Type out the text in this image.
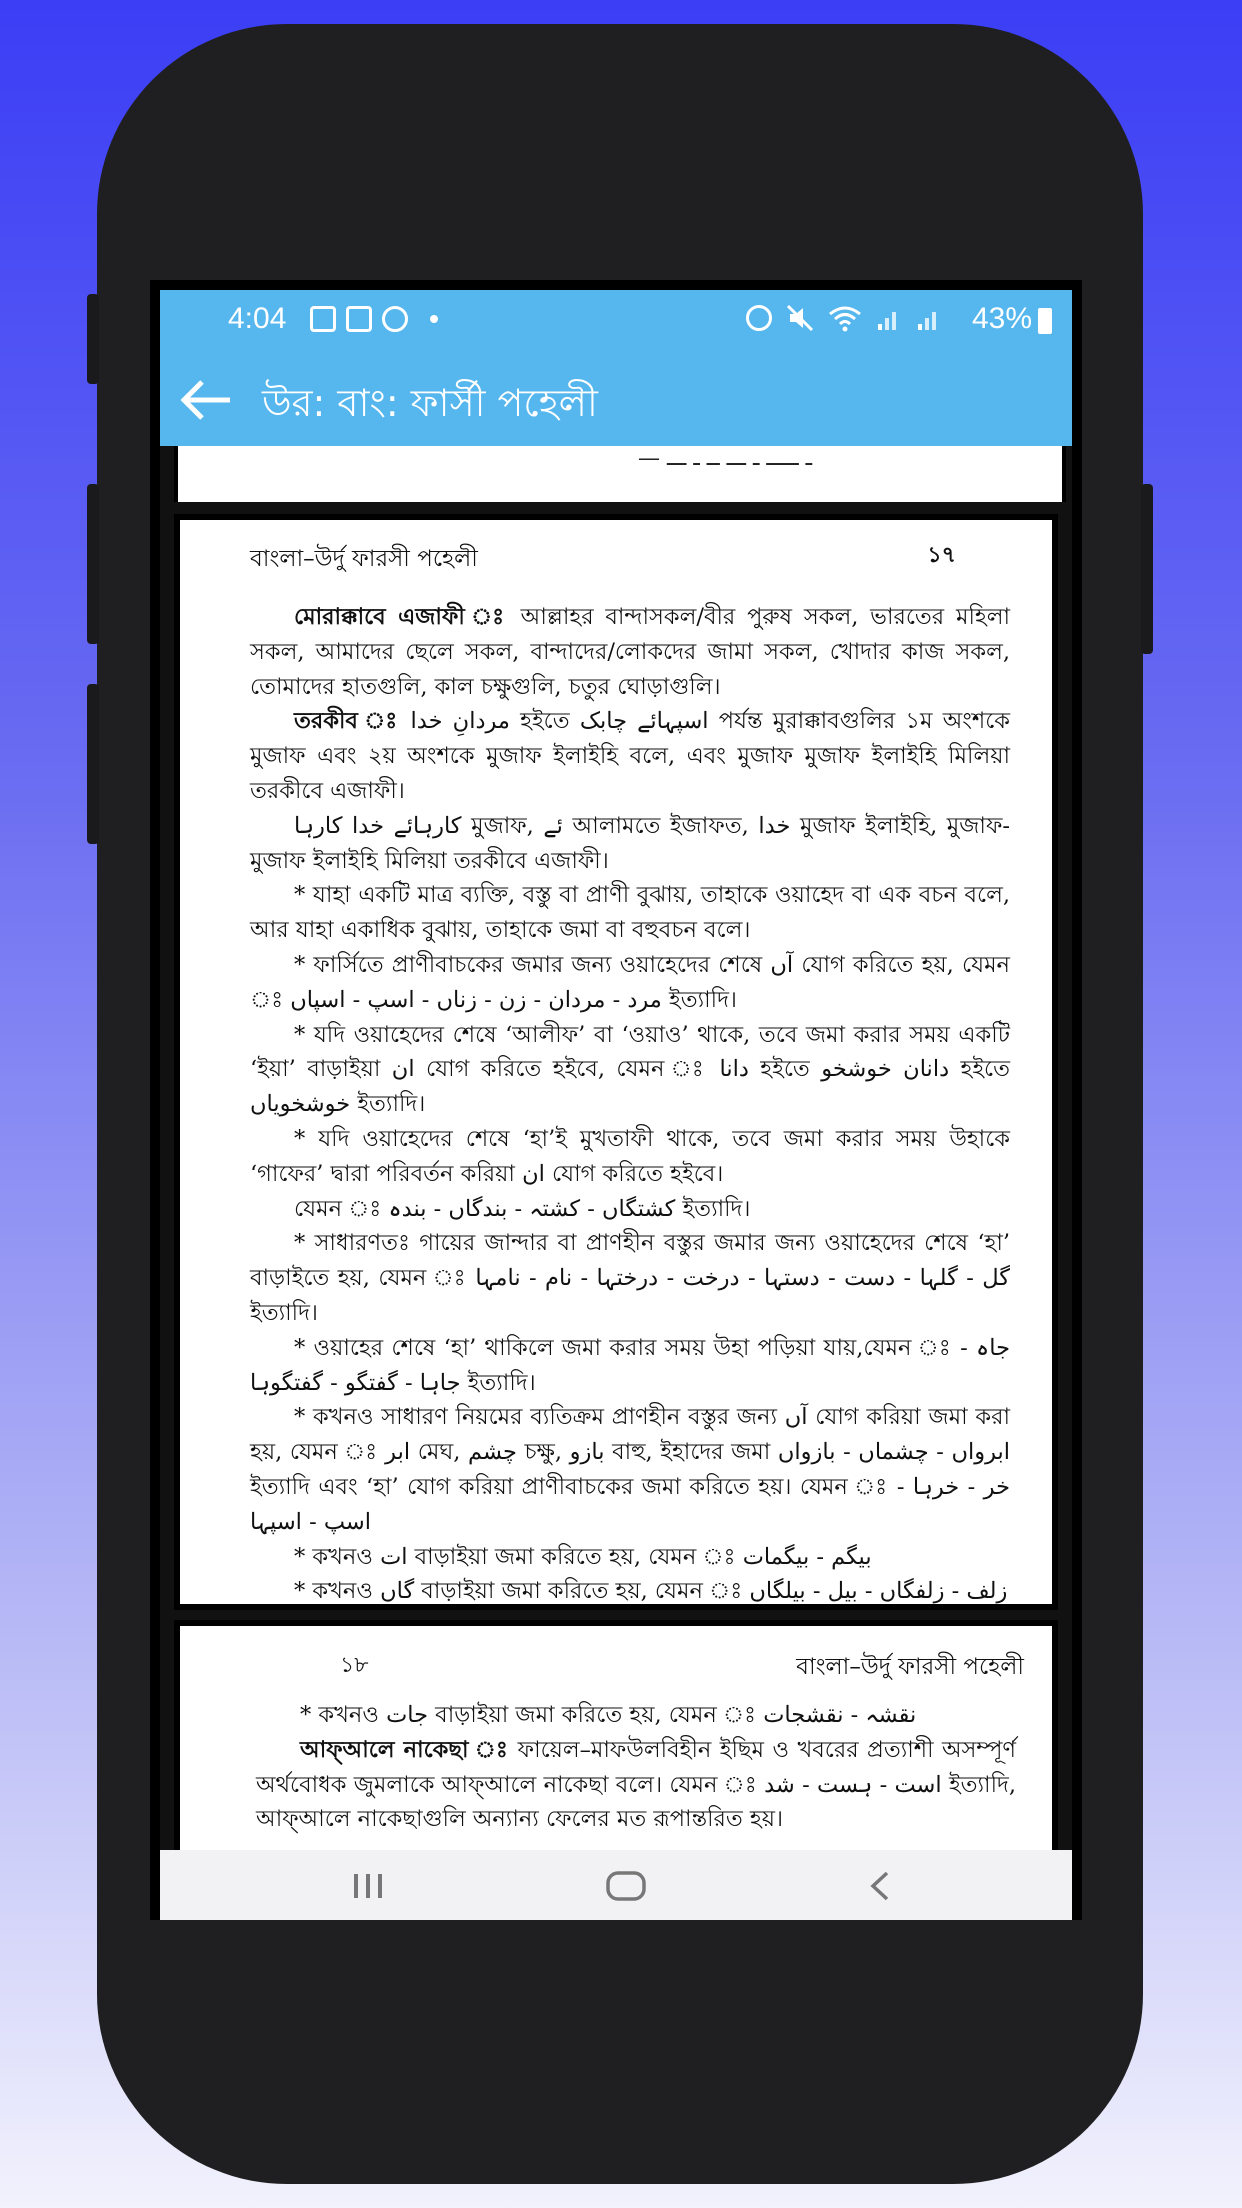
4:04	43%
উর: বাং: ফার্সী পহেলী
— ـ ـــــ ـ ـــ ــ ـ ـــ
বাংলা–উর্দু ফারসী পহেলী	১৭

মোরাক্কাবে এজাফী ঃ আল্লাহর বান্দাসকল/বীর পুরুষ সকল, ভারতের মহিলা সকল, আমাদের ছেলে সকল, বান্দাদের/লোকদের জামা সকল, খোদার কাজ সকল, তোমাদের হাতগুলি, কাল চক্ষুগুলি, চতুর ঘোড়াগুলি।

তরকীব ঃ مردانِ خدا হইতে اسپہائے چابک পর্যন্ত মুরাক্কাবগুলির ১ম অংশকে মুজাফ এবং ২য় অংশকে মুজাফ ইলাইহি বলে, এবং মুজাফ মুজাফ ইলাইহি মিলিয়া তরকীবে এজাফী।

کارہائے خدا کارہا মুজাফ, ئے আলামতে ইজাফত, خدا মুজাফ ইলাইহি, মুজাফ-মুজাফ ইলাইহি মিলিয়া তরকীবে এজাফী।

* যাহা একটি মাত্র ব্যক্তি, বস্তু বা প্রাণী বুঝায়, তাহাকে ওয়াহেদ বা এক বচন বলে, আর যাহা একাধিক বুঝায়, তাহাকে জমা বা বহুবচন বলে।

* ফার্সিতে প্রাণীবাচকের জমার জন্য ওয়াহেদের শেষে آں যোগ করিতে হয়, যেমন ঃ مرد - مردان - زن - زناں - اسپ - اسپاں ইত্যাদি।

* যদি ওয়াহেদের শেষে ‘আলীফ’ বা ‘ওয়াও’ থাকে, তবে জমা করার সময় একটি ‘ইয়া’ বাড়াইয়া ان যোগ করিতে হইবে, যেমন ঃ دانا হইতে دانان خوشخو হইতে خوشخویاں ইত্যাদি।

* যদি ওয়াহেদের শেষে ‘হা’ই মুখতাফী থাকে, তবে জমা করার সময় উহাকে ‘গাফের’ দ্বারা পরিবর্তন করিয়া ان যোগ করিতে হইবে।

যেমন ঃ کشتگاں - کشتہ - بندگاں - بندہ ইত্যাদি।

* সাধারণতঃ গায়ের জান্দার বা প্রাণহীন বস্তুর জমার জন্য ওয়াহেদের শেষে ‘হা’ বাড়াইতে হয়, যেমন ঃ گل - گلہا - دست - دستہا - درخت - درختہا - نام - نامہا ইত্যাদি।

* ওয়াহের শেষে ‘হা’ থাকিলে জমা করার সময় উহা পড়িয়া যায়,যেমন ঃ جاہ - جاہا - گفتگو - گفتگوہا ইত্যাদি।

* কখনও সাধারণ নিয়মের ব্যতিক্রম প্রাণহীন বস্তুর জন্য آں যোগ করিয়া জমা করা হয়, যেমন ঃ ابر মেঘ, چشم চক্ষু, بازو বাহু, ইহাদের জমা ابرواں - چشماں - بازواں ইত্যাদি এবং ‘হা’ যোগ করিয়া প্রাণীবাচকের জমা করিতে হয়। যেমন ঃ خر - خرہا - اسپ - اسپہا

* কখনও ات বাড়াইয়া জমা করিতে হয়, যেমন ঃ بیگم - بیگمات

* কখনও گاں বাড়াইয়া জমা করিতে হয়, যেমন ঃ زلف - زلفگاں - بیل - بیلگاں

১৮	বাংলা–উর্দু ফারসী পহেলী

* কখনও جات বাড়াইয়া জমা করিতে হয়, যেমন ঃ نقشہ - نقشجات

আফ্আলে নাকেছা ঃ ফায়েল–মাফউলবিহীন ইছিম ও খবরের প্রত্যাশী অসম্পূর্ণ অর্থবোধক জুমলাকে আফ্আলে নাকেছা বলে। যেমন ঃ است - ہست - شد ইত্যাদি, আফ্আলে নাকেছাগুলি অন্যান্য ফেলের মত রূপান্তরিত হয়।
